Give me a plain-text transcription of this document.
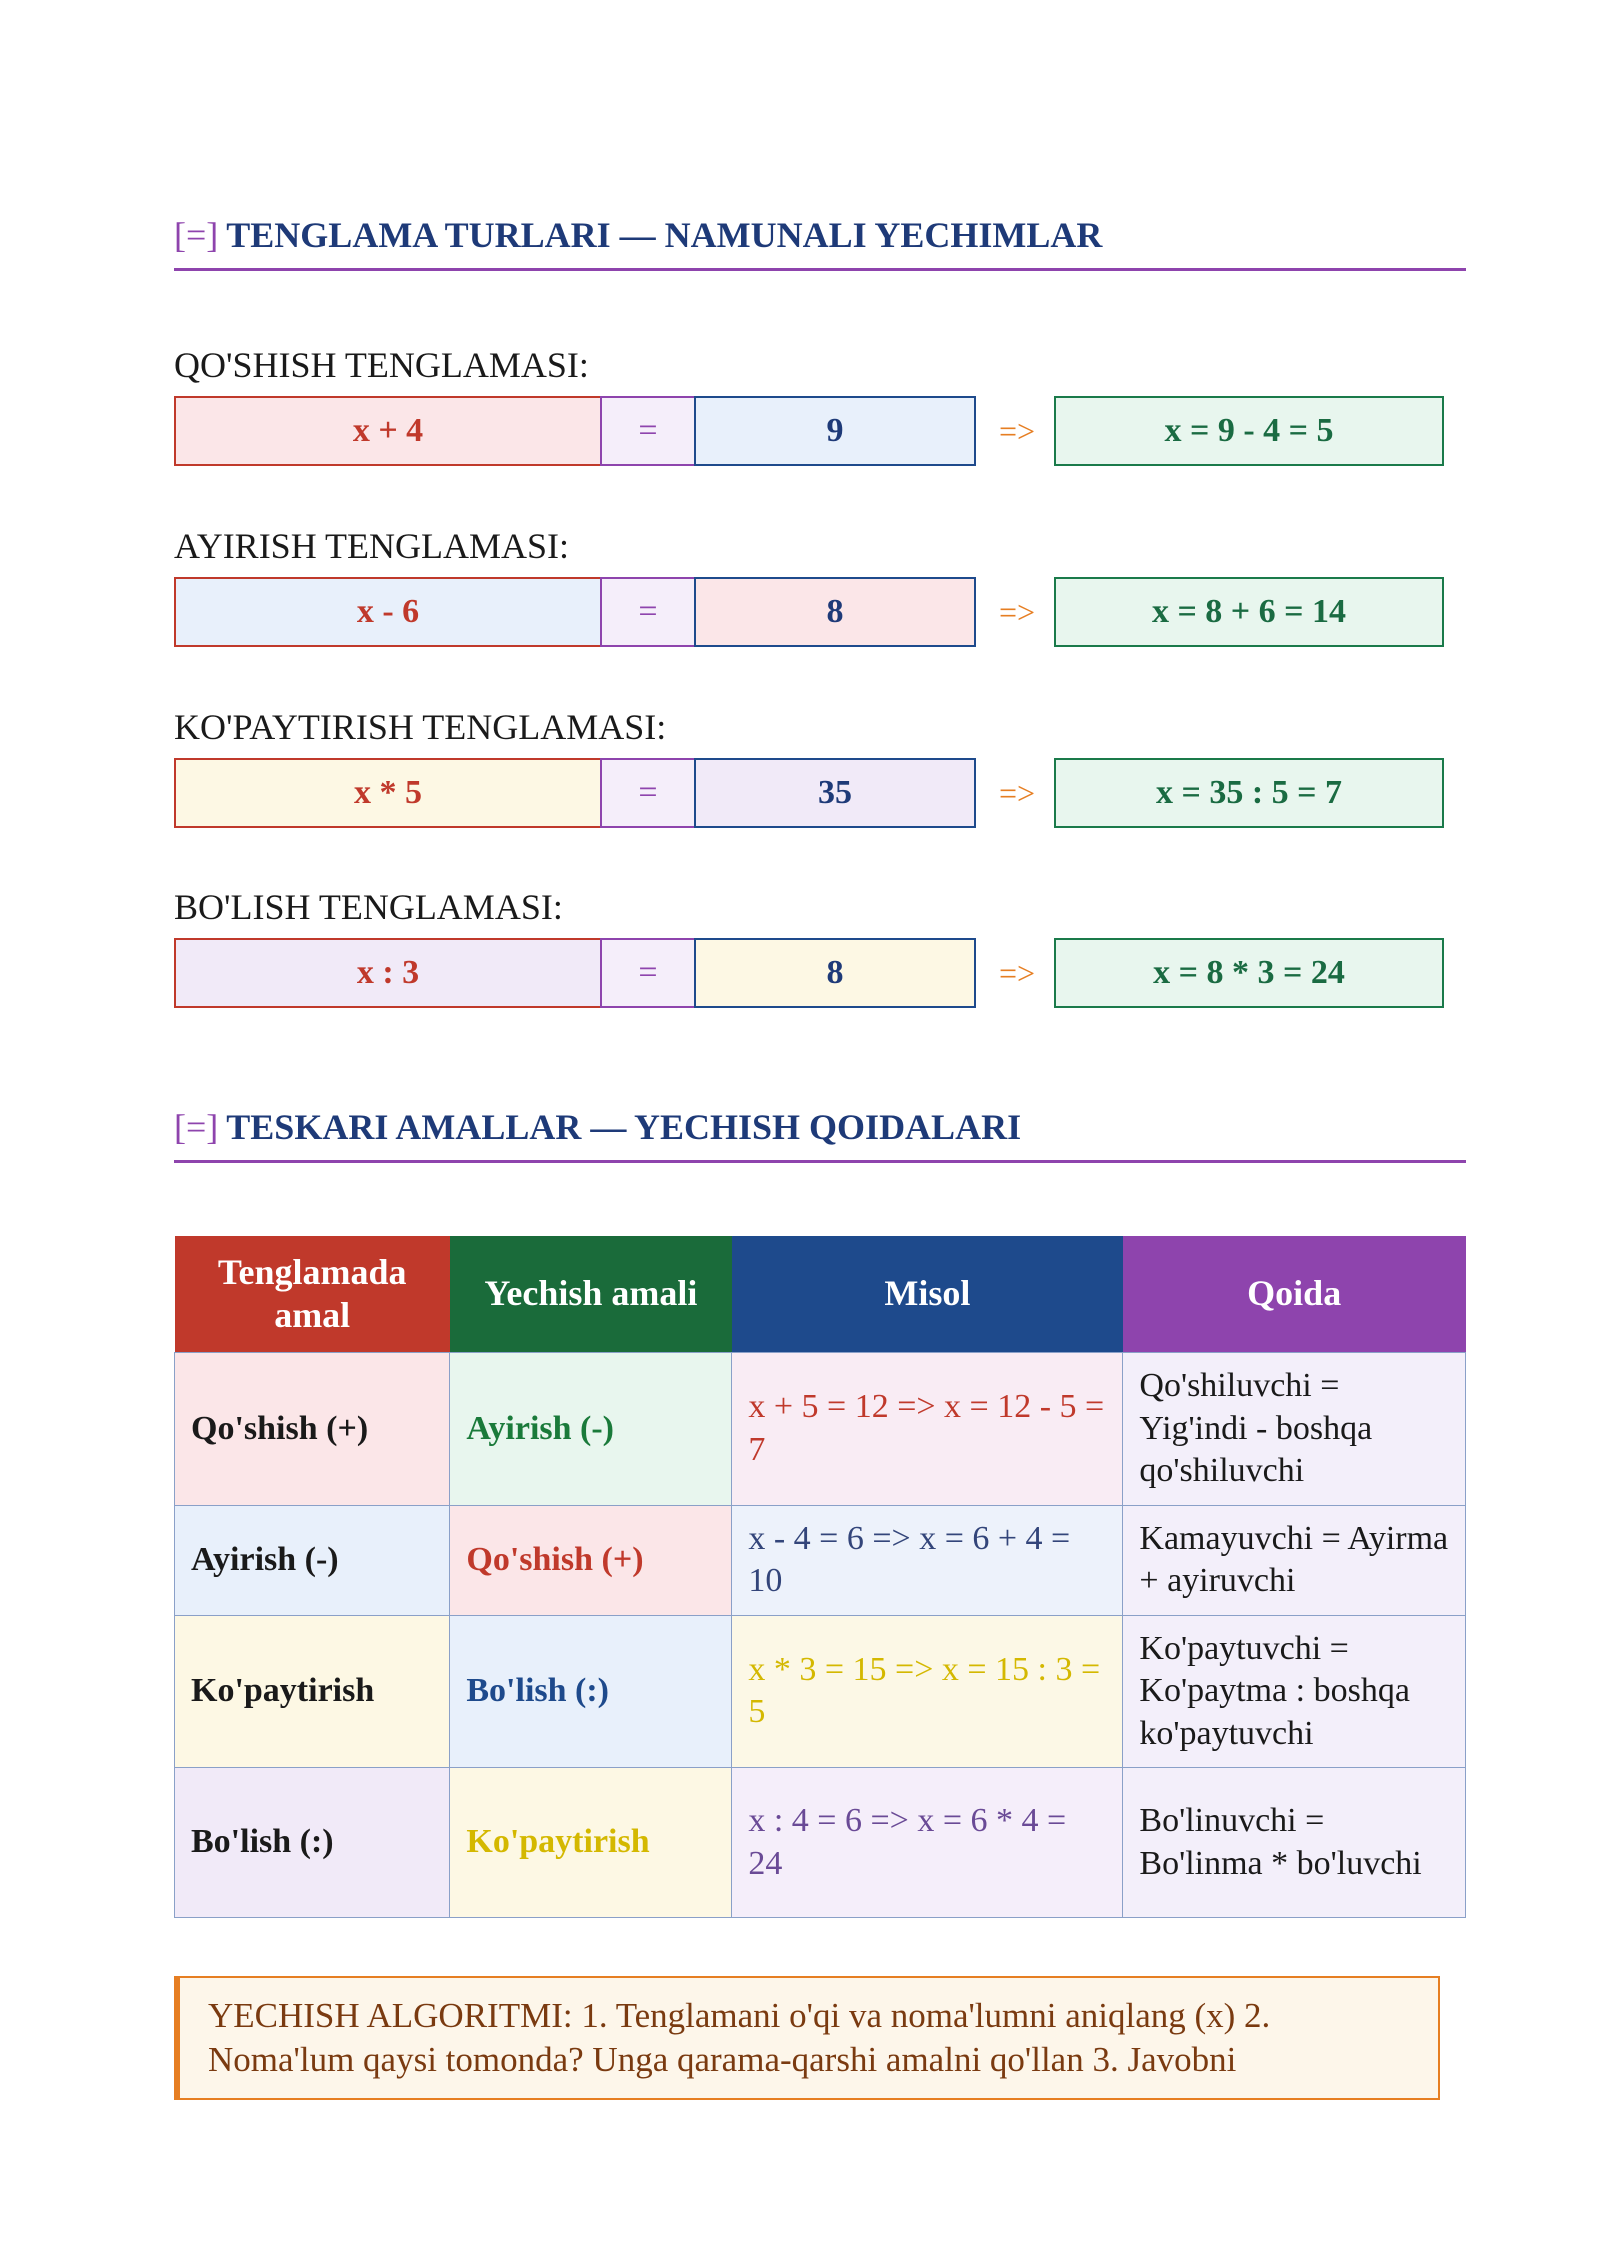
[=] TENGLAMA TURLARI — NAMUNALI YECHIMLAR
QO'SHISH TENGLAMASI:
x + 4	=	9	=>	x = 9 - 4 = 5
AYIRISH TENGLAMASI:
x - 6	=	8	=>	x = 8 + 6 = 14
KO'PAYTIRISH TENGLAMASI:
x * 5	=	35	=>	x = 35 : 5 = 7
BO'LISH TENGLAMASI:
x : 3	=	8	=>	x = 8 * 3 = 24
[=] TESKARI AMALLAR — YECHISH QOIDALARI
Tenglamada amal	Yechish amali	Misol	Qoida
Qo'shish (+)	Ayirish (-)	x + 5 = 12 => x = 12 - 5 = 7	Qo'shiluvchi = Yig'indi - boshqa qo'shiluvchi
Ayirish (-)	Qo'shish (+)	x - 4 = 6 => x = 6 + 4 = 10	Kamayuvchi = Ayirma + ayiruvchi
Ko'paytirish	Bo'lish (:)	x * 3 = 15 => x = 15 : 3 = 5	Ko'paytuvchi = Ko'paytma : boshqa ko'paytuvchi
Bo'lish (:)	Ko'paytirish	x : 4 = 6 => x = 6 * 4 = 24	Bo'linuvchi = Bo'linma * bo'luvchi
YECHISH ALGORITMI: 1. Tenglamani o'qi va noma'lumni aniqlang (x) 2. Noma'lum qaysi tomonda? Unga qarama-qarshi amalni qo'llan 3. Javobni
